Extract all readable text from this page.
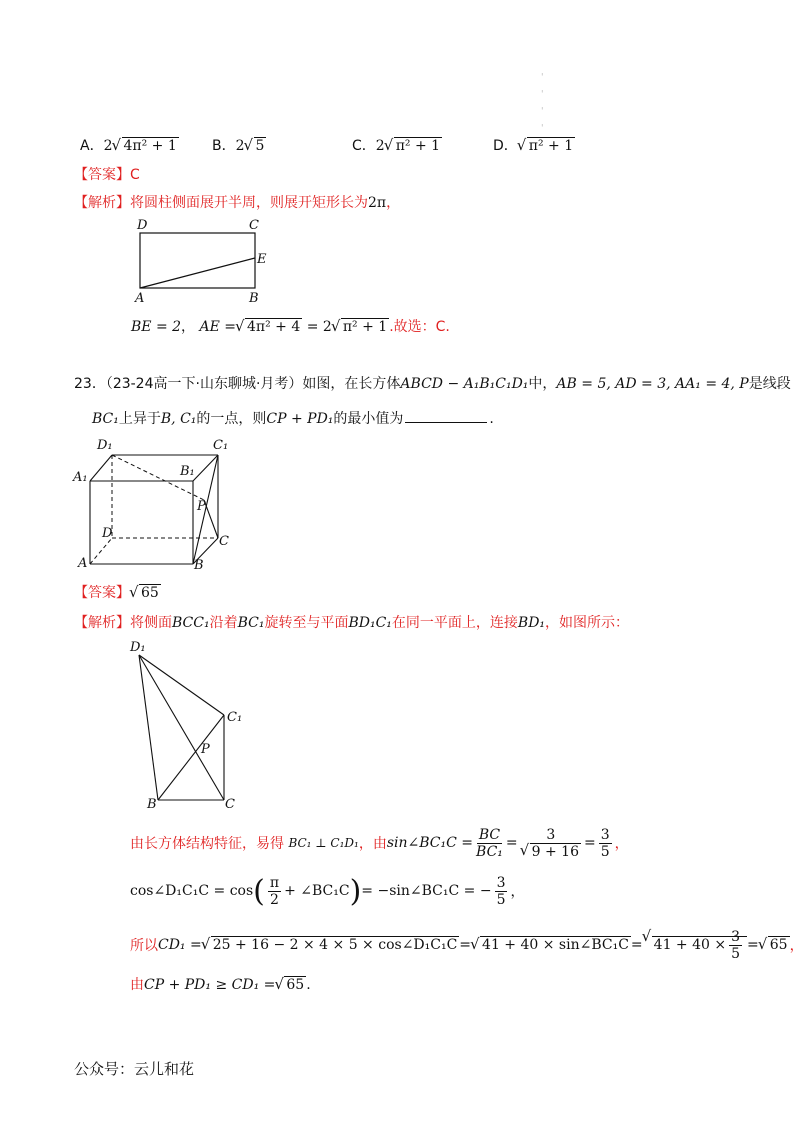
'
'
'
'
A．2 √ 4π² + 1	B．2 √ 5	C．2 √ π² + 1	D． √ π² + 1
【答案】C
【解析】将圆柱侧面展开半周，则展开矩形长为2π，
D	C
E
A	B
BE = 2， AE = √ 4π² + 4 = 2 √ π² + 1 .故选：C.
23．（23-24高一下·山东聊城·月考）如图，在长方体ABCD − A₁B₁C₁D₁中，AB = 5, AD = 3, AA₁ = 4, P是线段
BC₁上异于B, C₁的一点，则CP + PD₁的最小值为	.
D₁	C₁
A₁	B₁
P
D
C
A	B
【答案】 √ 65
【解析】将侧面BCC₁沿着BC₁旋转至与平面BD₁C₁在同一平面上，连接BD₁，如图所示：
D₁
C₁
P
B	C
由长方体结构特征，易得
BC₁ ⊥ C₁D₁ ，由 sin∠BC₁C = $\frac{BC}{\text{BC₁}} = 3$
√ $9 + 16 = \frac{3}{5}$ ，
cos∠D₁C₁C = cos ( $\frac{\pi}{2}$ + ∠BC₁C ) = −sin∠BC₁C = − $\frac{3}{5}$ ，
所以 CD₁ = √ 25 + 16 − 2 × 4 × 5 × cos∠D₁C₁C = √ 41 + 40 × sin∠BC₁C = √ $41 + 40 \times \frac{3}{5}$ = √ 65 ，
由CP + PD₁ ≥ CD₁ = √ 65 .
公众号：云儿和花
